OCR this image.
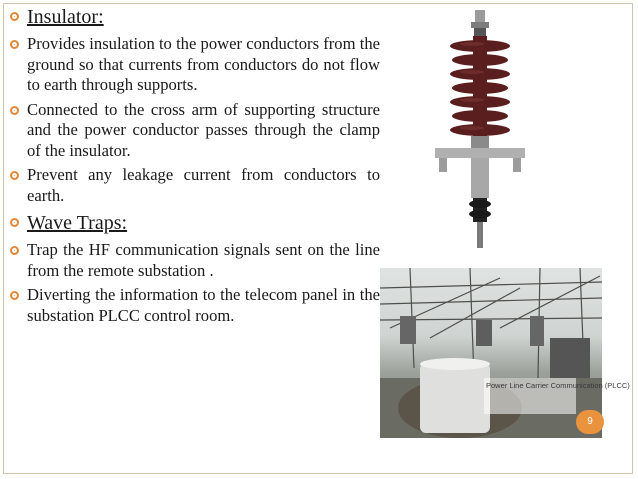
Insulator:
Provides insulation to the power conductors from the ground so that currents from conductors do not flow to earth through supports.
Connected to the cross arm of supporting structure and the power conductor passes through the clamp of the insulator.
Prevent any leakage current from conductors to earth.
Wave Traps:
Trap the HF communication signals sent on the line from the remote substation .
Diverting the information to the telecom panel in the substation PLCC control room.
Power Line Carrier Communication (PLCC)
9
